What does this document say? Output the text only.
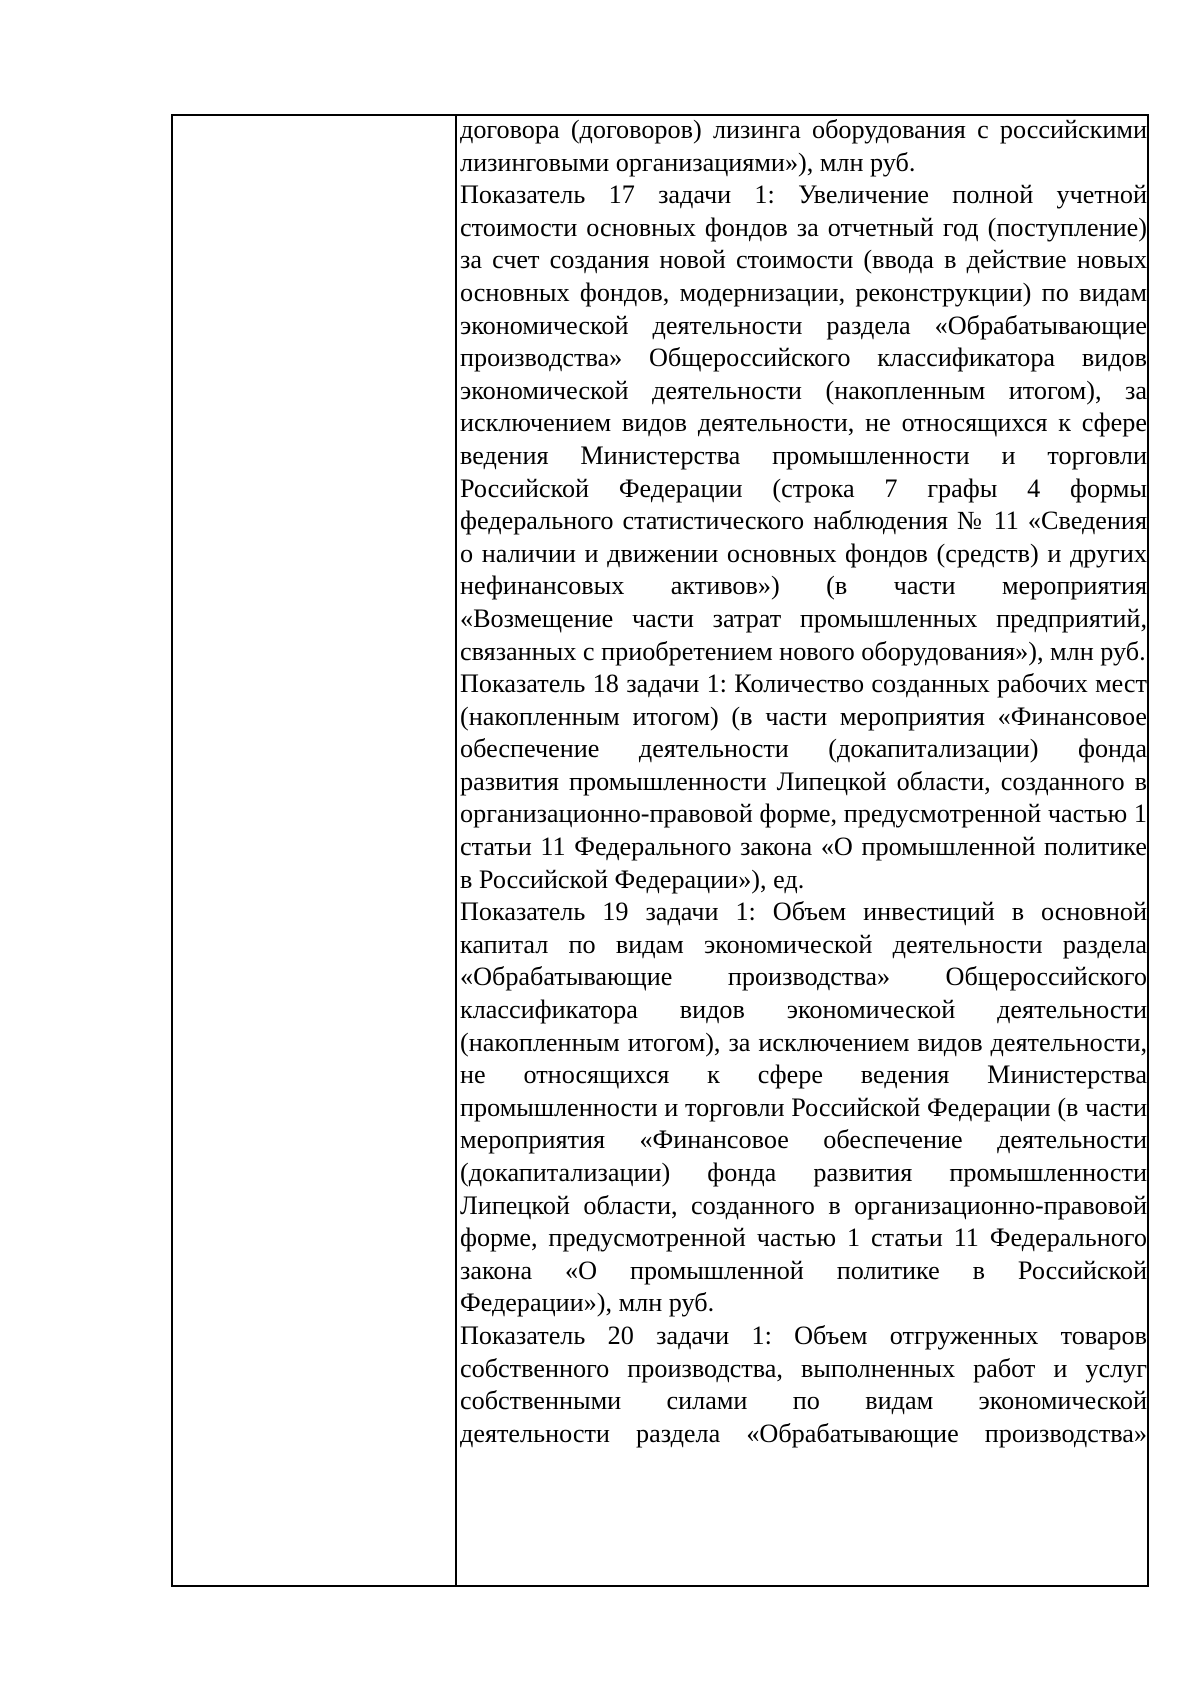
договора (договоров) лизинга оборудования с российскими лизинговыми организациями»), млн руб.

Показатель 17 задачи 1: Увеличение полной учетной стоимости основных фондов за отчетный год (поступление) за счет создания новой стоимости (ввода в действие новых основных фондов, модернизации, реконструкции) по видам экономической деятельности раздела «Обрабатывающие производства» Общероссийского классификатора видов экономической деятельности (накопленным итогом), за исключением видов деятельности, не относящихся к сфере ведения Министерства промышленности и торговли Российской Федерации (строка 7 графы 4 формы федерального статистического наблюдения № 11 «Сведения о наличии и движении основных фондов (средств) и других нефинансовых активов») (в части мероприятия «Возмещение части затрат промышленных предприятий, связанных с приобретением нового оборудования»), млн руб.

Показатель 18 задачи 1: Количество созданных рабочих мест (накопленным итогом) (в части мероприятия «Финансовое обеспечение деятельности (докапитализации) фонда развития промышленности Липецкой области, созданного в организационно-правовой форме, предусмотренной частью 1 статьи 11 Федерального закона «О промышленной политике в Российской Федерации»), ед.

Показатель 19 задачи 1: Объем инвестиций в основной капитал по видам экономической деятельности раздела «Обрабатывающие производства» Общероссийского классификатора видов экономической деятельности (накопленным итогом), за исключением видов деятельности, не относящихся к сфере ведения Министерства промышленности и торговли Российской Федерации (в части мероприятия «Финансовое обеспечение деятельности (докапитализации) фонда развития промышленности Липецкой области, созданного в организационно-правовой форме, предусмотренной частью 1 статьи 11 Федерального закона «О промышленной политике в Российской Федерации»), млн руб.

Показатель 20 задачи 1: Объем отгруженных товаров собственного производства, выполненных работ и услуг собственными силами по видам экономической деятельности раздела «Обрабатывающие производства»
